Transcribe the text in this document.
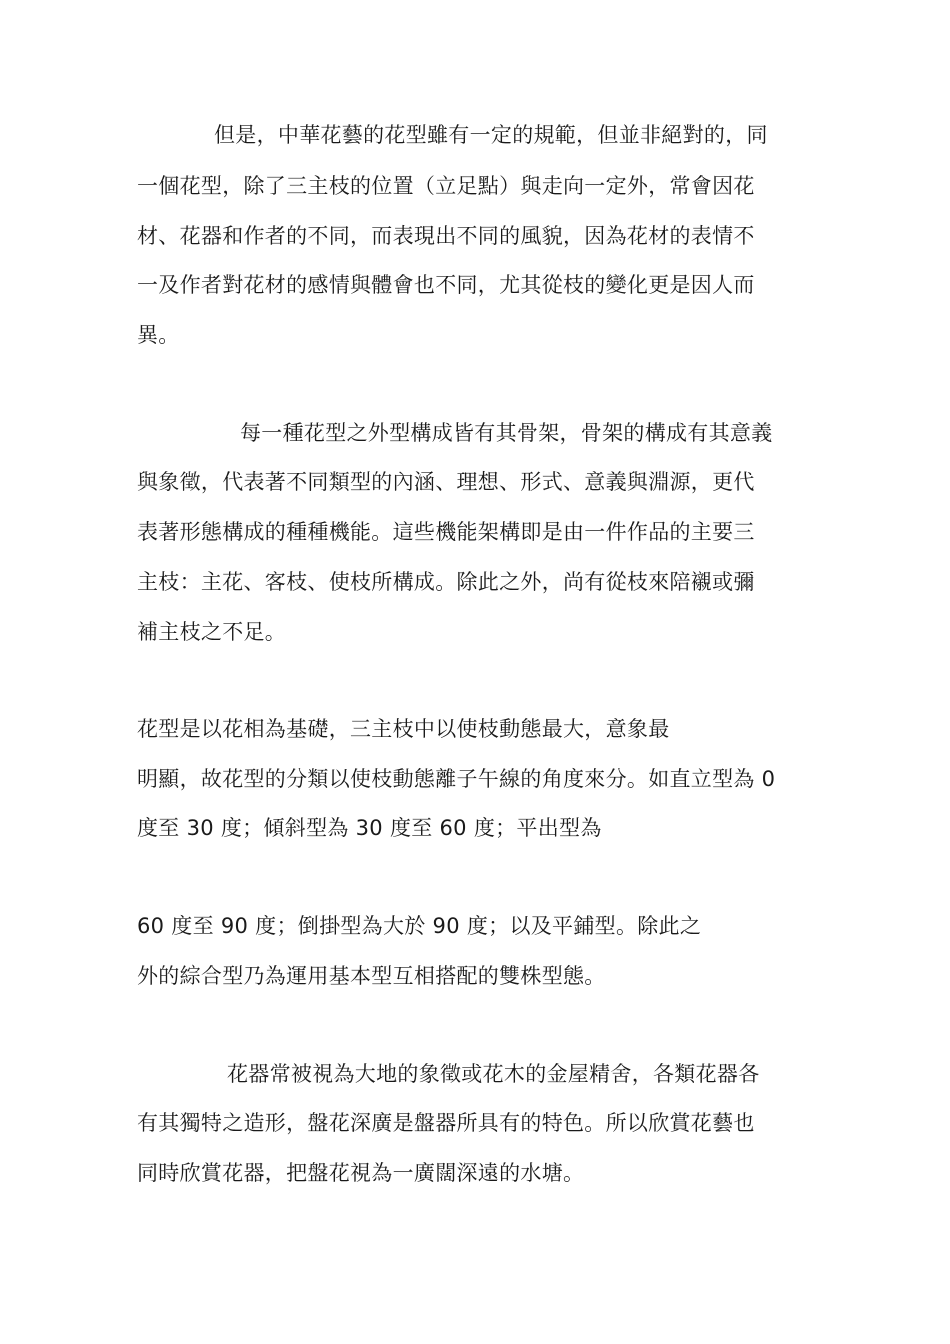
但是，中華花藝的花型雖有一定的規範，但並非絕對的，同
一個花型，除了三主枝的位置（立足點）與走向一定外，常會因花
材、花器和作者的不同，而表現出不同的風貌，因為花材的表情不
一及作者對花材的感情與體會也不同，尤其從枝的變化更是因人而
異。
每一種花型之外型構成皆有其骨架，骨架的構成有其意義
與象徵，代表著不同類型的內涵、理想、形式、意義與淵源，更代
表著形態構成的種種機能。這些機能架構即是由一件作品的主要三
主枝：主花、客枝、使枝所構成。除此之外，尚有從枝來陪襯或彌
補主枝之不足。
花型是以花相為基礎，三主枝中以使枝動態最大，意象最
明顯，故花型的分類以使枝動態離子午線的角度來分。如直立型為 0
度至 30 度；傾斜型為 30 度至 60 度；平出型為
60 度至 90 度；倒掛型為大於 90 度；以及平鋪型。除此之
外的綜合型乃為運用基本型互相搭配的雙株型態。
花器常被視為大地的象徵或花木的金屋精舍，各類花器各
有其獨特之造形，盤花深廣是盤器所具有的特色。所以欣賞花藝也
同時欣賞花器，把盤花視為一廣闊深遠的水塘。
